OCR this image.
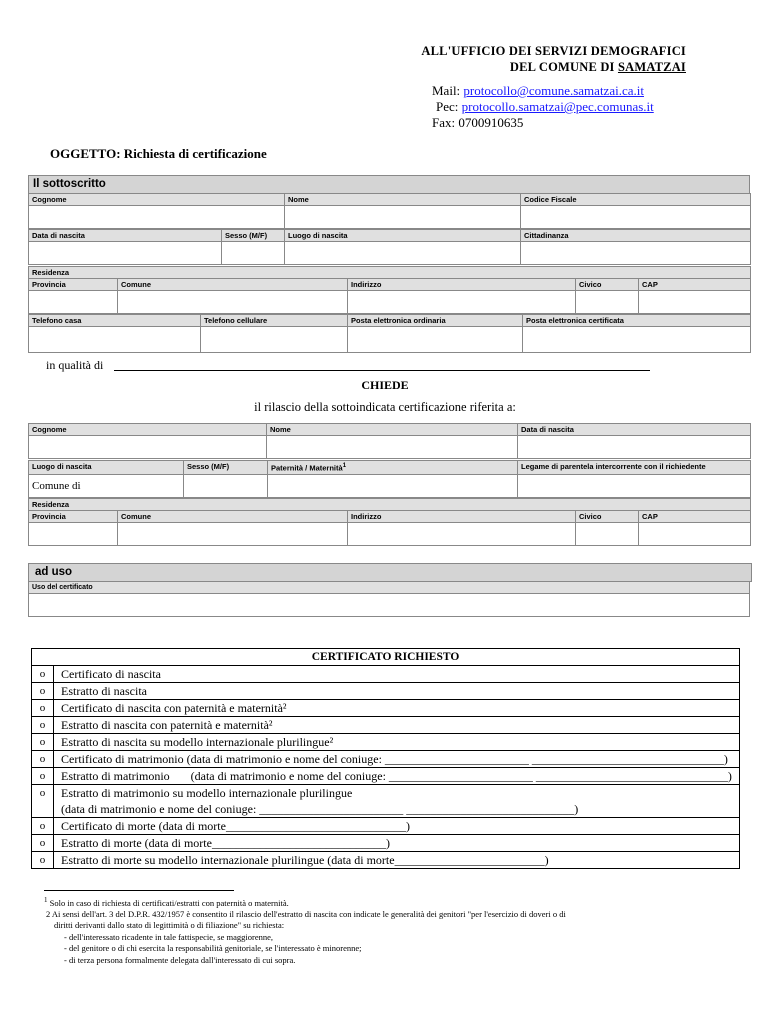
ALL'UFFICIO DEI SERVIZI DEMOGRAFICI
DEL COMUNE DI SAMATZAI
Mail: protocollo@comune.samatzai.ca.it
Pec: protocollo.samatzai@pec.comunas.it
Fax: 0700910635
OGGETTO: Richiesta di certificazione
Il sottoscritto
Cognome	Nome	Codice Fiscale

Data di nascita	Sesso (M/F)	Luogo di nascita	Cittadinanza

Residenza				
Provincia	Comune	Indirizzo	Civico	CAP

Telefono casa	Telefono cellulare	Posta elettronica ordinaria	Posta elettronica certificata

in qualità di
CHIEDE
il rilascio della sottoindicata certificazione riferita a:
Cognome	Nome	Data di nascita

Luogo di nascita	Sesso (M/F)	Paternità / Maternità$^1$	Legame di parentela intercorrente con il richiedente
Comune di			
Residenza				
Provincia	Comune	Indirizzo	Civico	CAP

ad uso
Uso del certificato

CERTIFICATO RICHIESTO	
o	Certificato di nascita
o	Estratto di nascita
o	Certificato di nascita con paternità e maternità²
o	Estratto di nascita con paternità e maternità²
o	Estratto di nascita su modello internazionale plurilingue²
o	Certificato di matrimonio (data di matrimonio e nome del coniuge: ________________________ ________________________________)
o	Estratto di matrimonio       (data di matrimonio e nome del coniuge: ________________________ ________________________________)
o	Estratto di matrimonio su modello internazionale plurilingue
(data di matrimonio e nome del coniuge: ________________________ ____________________________)

o	Certificato di morte (data di morte______________________________)
o	Estratto di morte (data di morte_____________________________)
o	Estratto di morte su modello internazionale plurilingue (data di morte_________________________)
$^1$ Solo in caso di richiesta di certificati/estratti con paternità o maternità.
2 Ai sensi dell'art. 3 del D.P.R. 432/1957 è consentito il rilascio dell'estratto di nascita con indicate le generalità dei genitori "per l'esercizio di doveri o di
diritti derivanti dallo stato di legittimità o di filiazione" su richiesta:
- dell'interessato ricadente in tale fattispecie, se maggiorenne,
- del genitore o di chi esercita la responsabilità genitoriale, se l'interessato è minorenne;
- di terza persona formalmente delegata dall'interessato di cui sopra.
